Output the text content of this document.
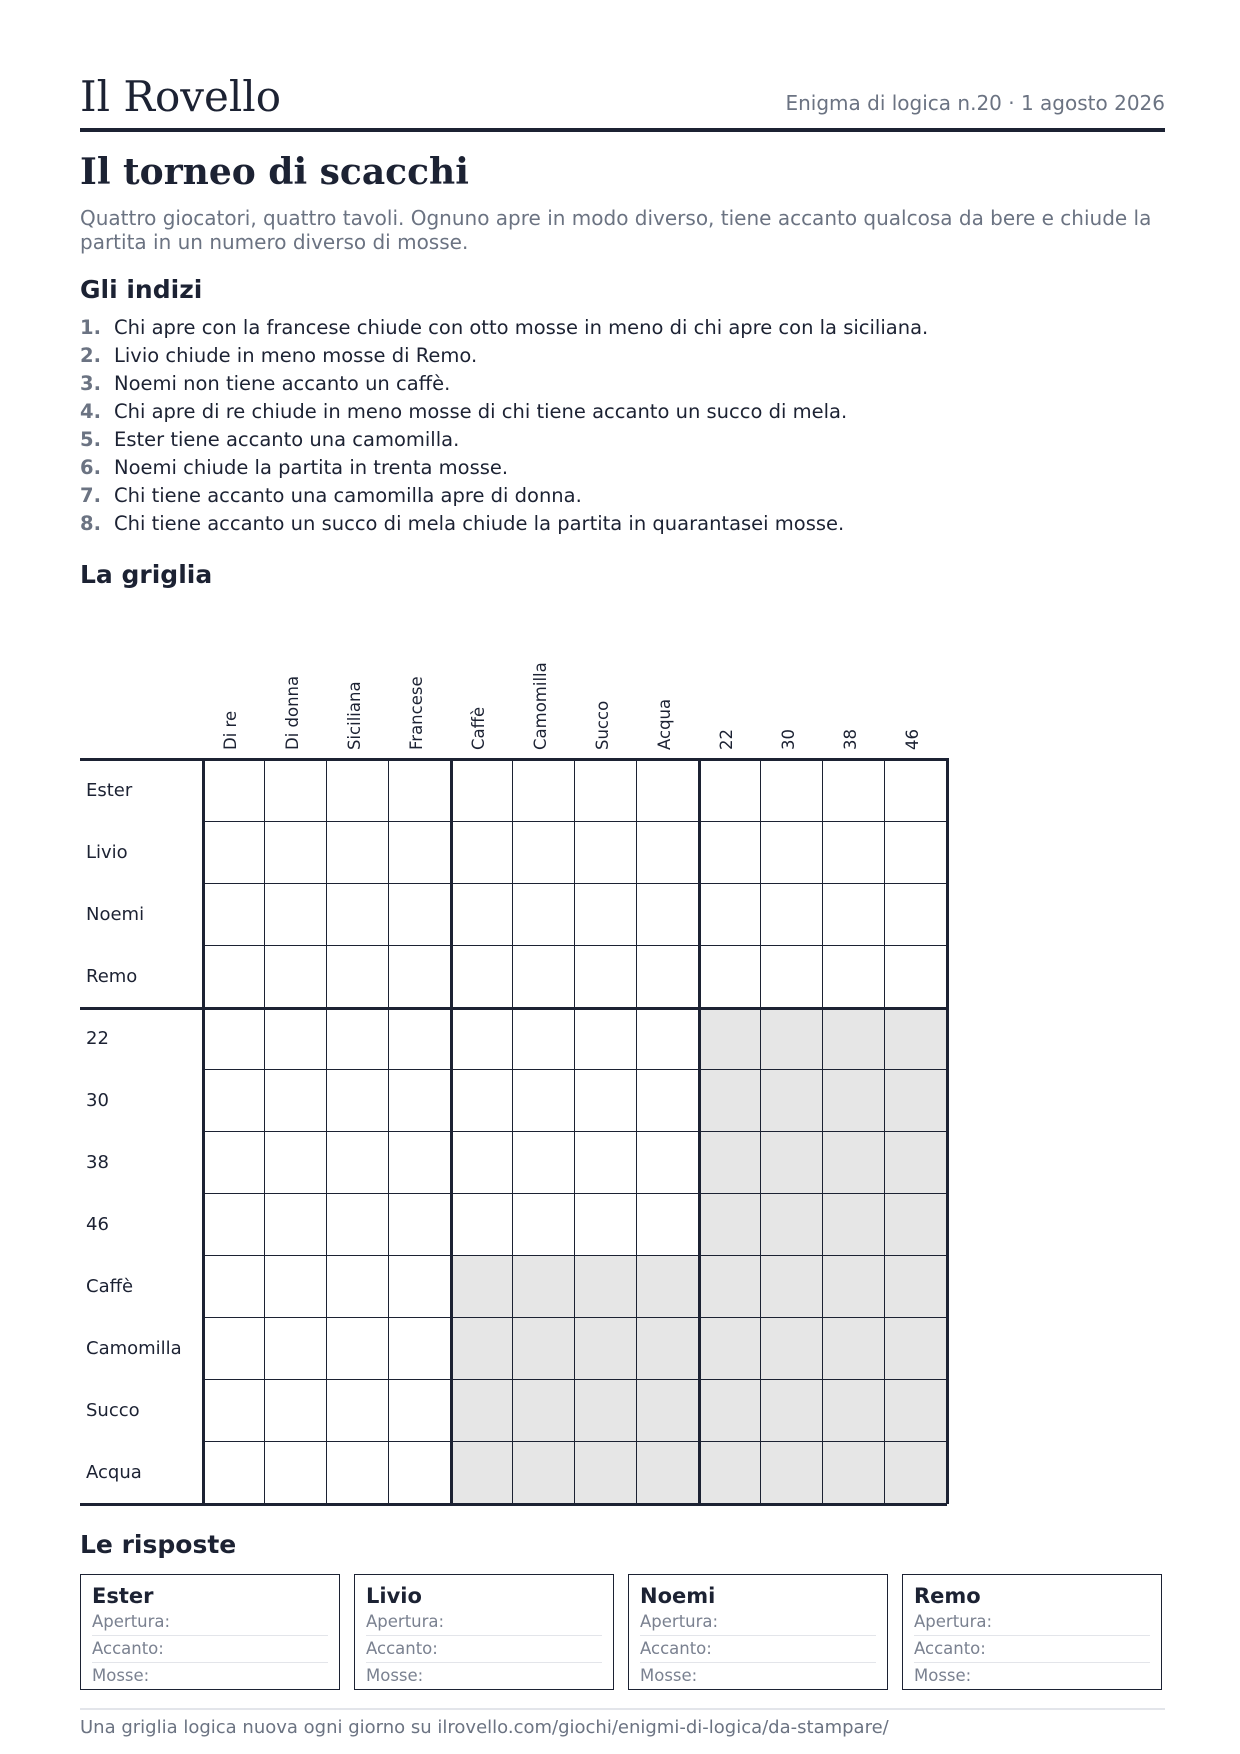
Il Rovello	Enigma di logica n.20 · 1 agosto 2026
Il torneo di scacchi

Quattro giocatori, quattro tavoli. Ognuno apre in modo diverso, tiene accanto qualcosa da bere e chiude la partita in un numero diverso di mosse.

Gli indizi
1. Chi apre con la francese chiude con otto mosse in meno di chi apre con la siciliana.
2. Livio chiude in meno mosse di Remo.
3. Noemi non tiene accanto un caffè.
4. Chi apre di re chiude in meno mosse di chi tiene accanto un succo di mela.
5. Ester tiene accanto una camomilla.
6. Noemi chiude la partita in trenta mosse.
7. Chi tiene accanto una camomilla apre di donna.
8. Chi tiene accanto un succo di mela chiude la partita in quarantasei mosse.
La griglia
Di re	Di donna	Siciliana	Francese	Caffè	Camomilla	Succo	Acqua	22	30	38	46
Ester
Livio
Noemi
Remo
22
30
38
46
Caffè
Camomilla
Succo
Acqua
Le risposte
Ester
Apertura:
Accanto:
Mosse:
Livio
Apertura:
Accanto:
Mosse:
Noemi
Apertura:
Accanto:
Mosse:
Remo
Apertura:
Accanto:
Mosse:
Una griglia logica nuova ogni giorno su ilrovello.com/giochi/enigmi-di-logica/da-stampare/
